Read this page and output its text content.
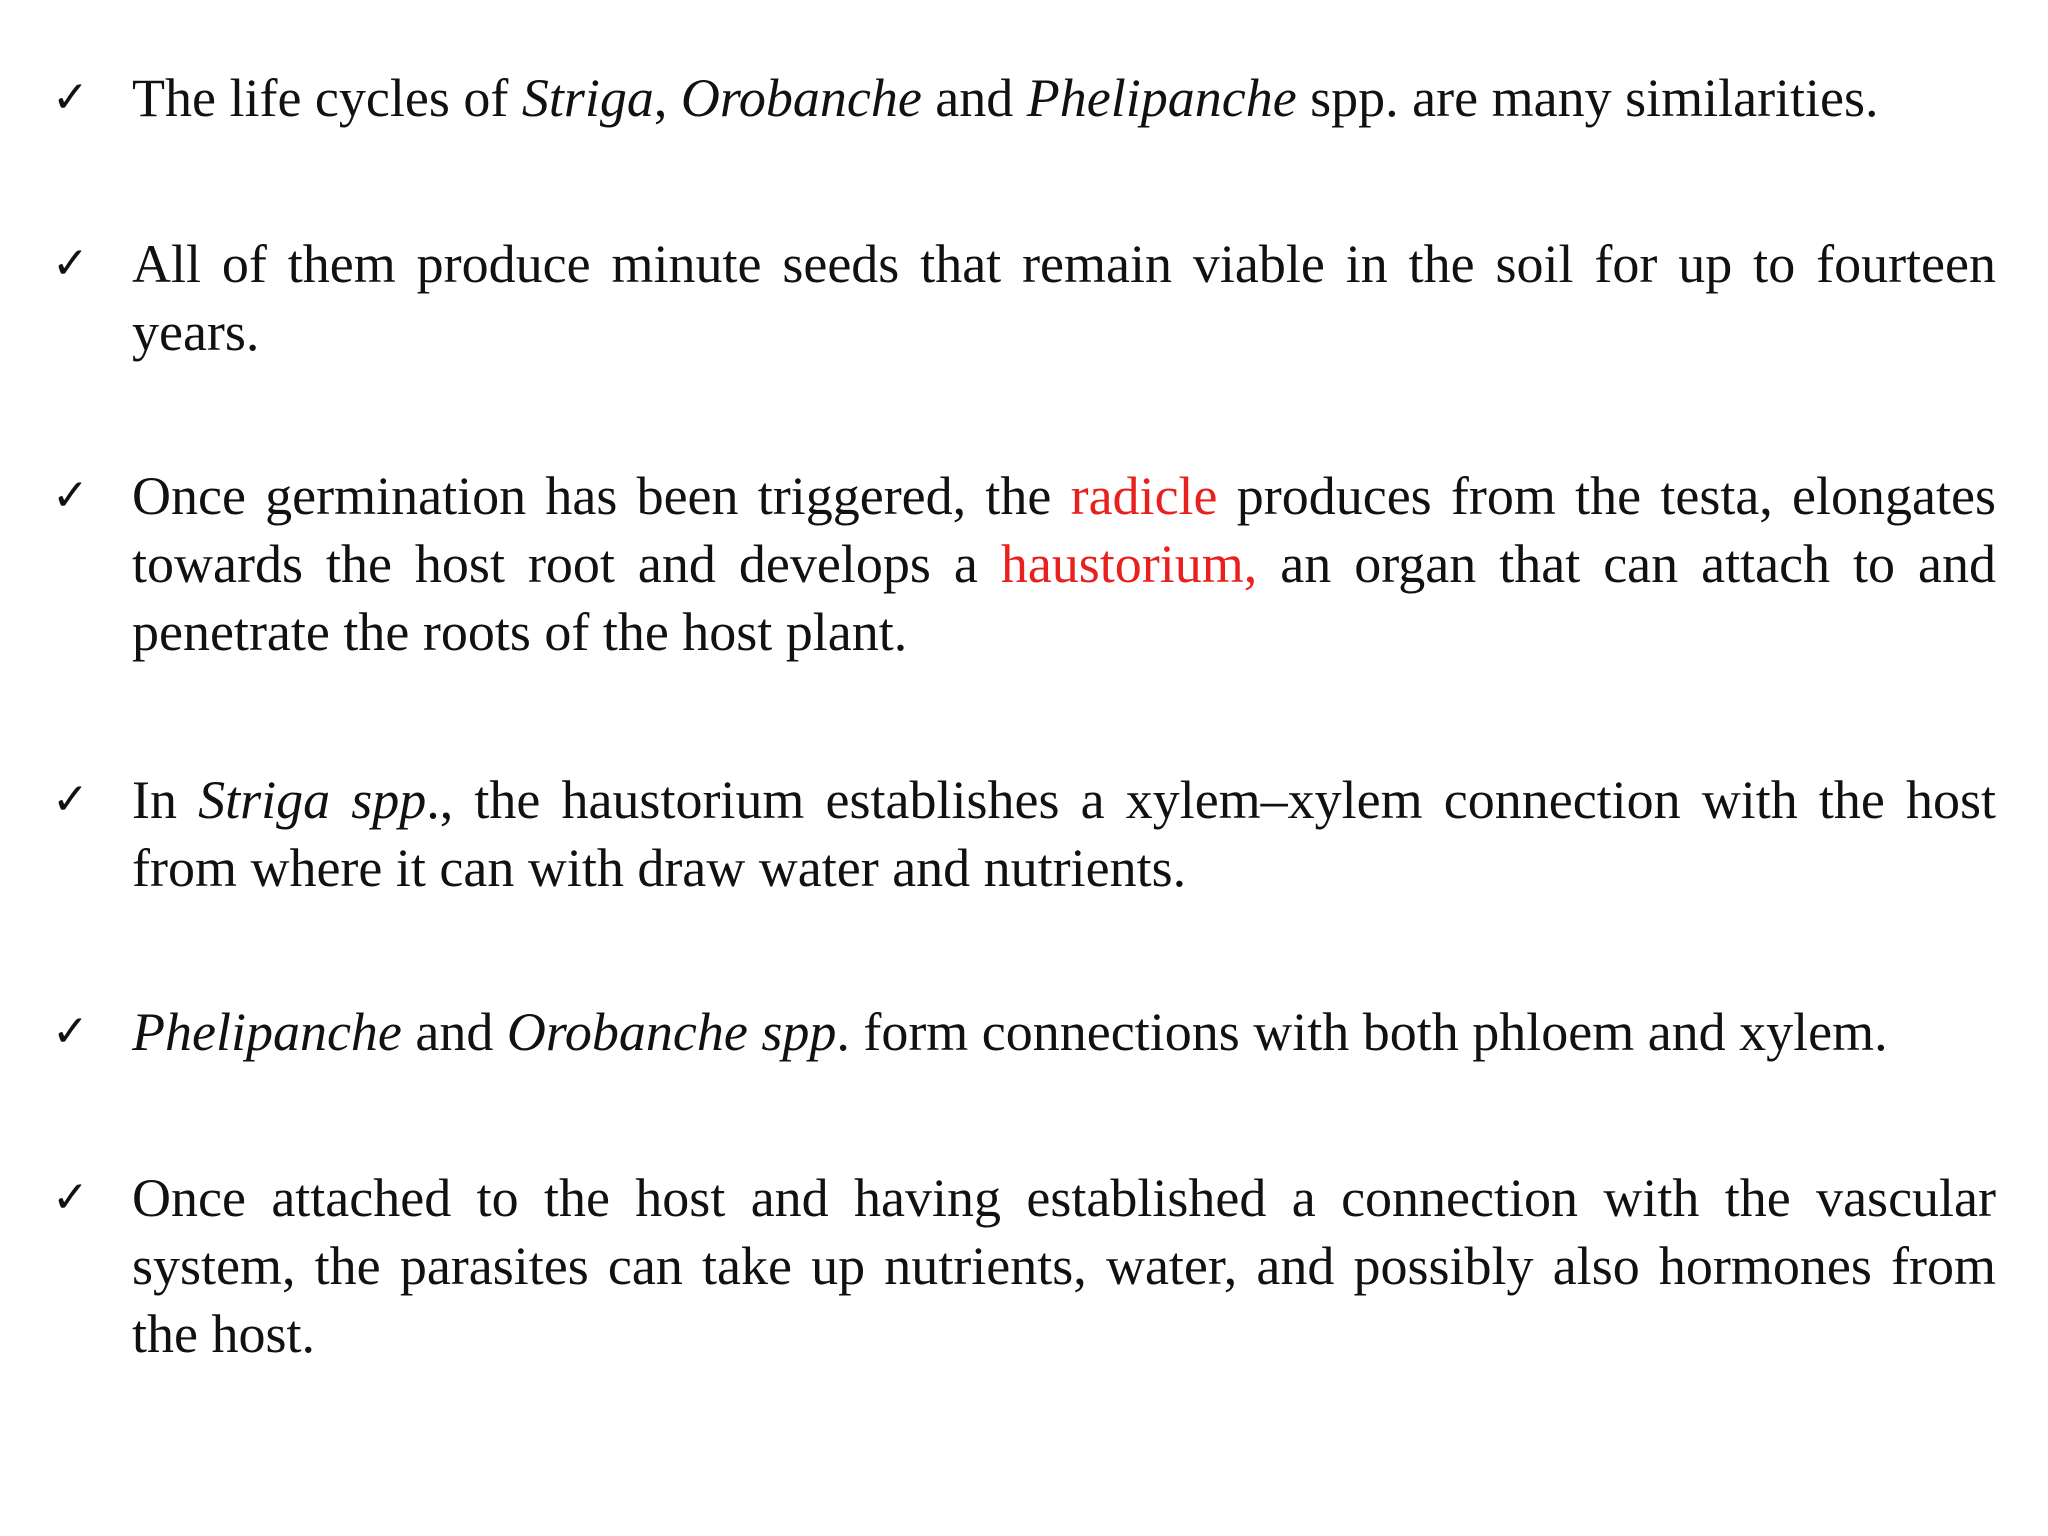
✓ The life cycles of Striga, Orobanche and Phelipanche spp. are many similarities.

✓ All of them produce minute seeds that remain viable in the soil for up to fourteen years.

✓ Once germination has been triggered, the radicle produces from the testa, elongates towards the host root and develops a haustorium, an organ that can attach to and penetrate the roots of the host plant.

✓ In Striga spp., the haustorium establishes a xylem–xylem connection with the host from where it can with draw water and nutrients.

✓ Phelipanche and Orobanche spp. form connections with both phloem and xylem.

✓ Once attached to the host and having established a connection with the vascular system, the parasites can take up nutrients, water, and possibly also hormones from the host.
